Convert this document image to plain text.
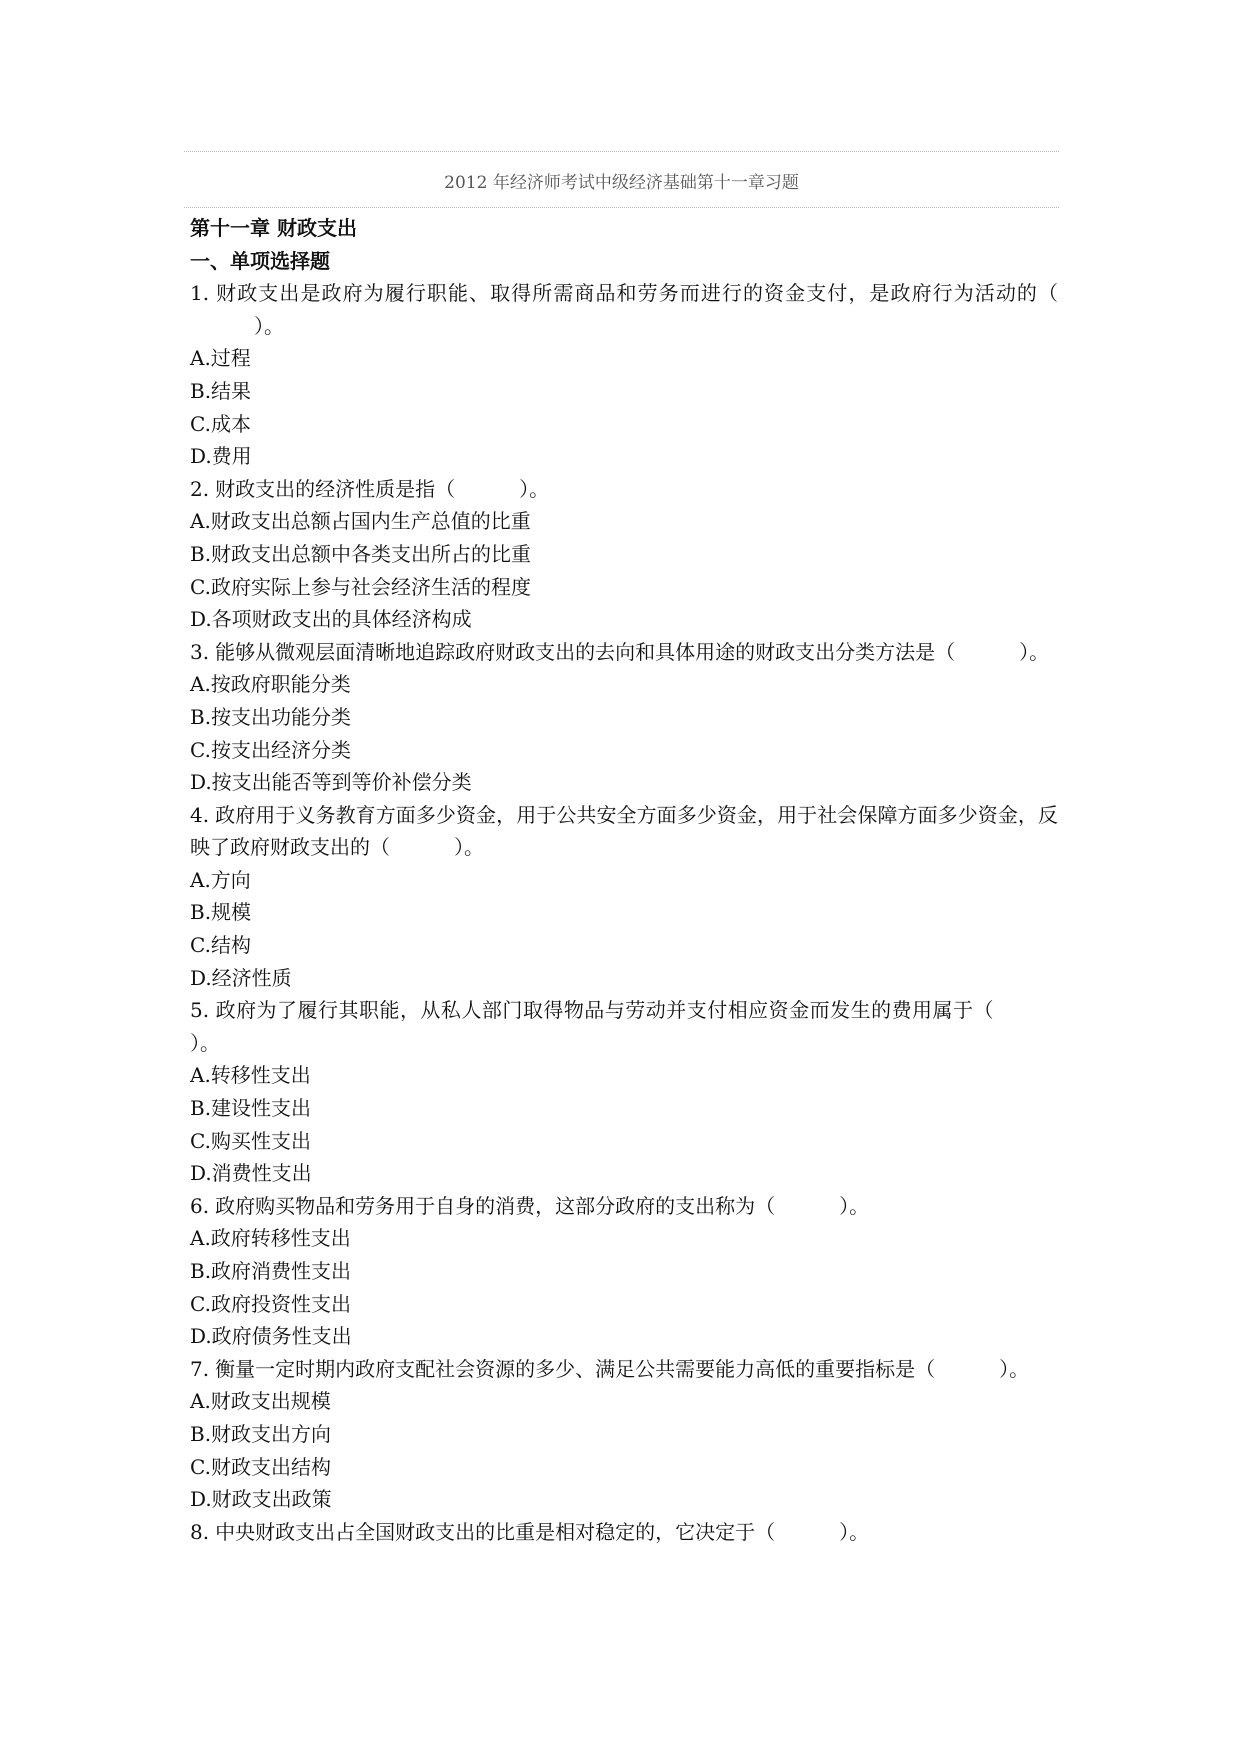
2012 年经济师考试中级经济基础第十一章习题
第十一章 财政支出
一、单项选择题
1. 财政支出是政府为履行职能、取得所需商品和劳务而进行的资金支付，是政府行为活动的（）。
A.过程
B.结果
C.成本
D.费用
2. 财政支出的经济性质是指（	）。
A.财政支出总额占国内生产总值的比重
B.财政支出总额中各类支出所占的比重
C.政府实际上参与社会经济生活的程度
D.各项财政支出的具体经济构成
3. 能够从微观层面清晰地追踪政府财政支出的去向和具体用途的财政支出分类方法是（	）。
A.按政府职能分类
B.按支出功能分类
C.按支出经济分类
D.按支出能否等到等价补偿分类
4. 政府用于义务教育方面多少资金，用于公共安全方面多少资金，用于社会保障方面多少资金，反映了政府财政支出的（	）。
A.方向
B.规模
C.结构
D.经济性质
5. 政府为了履行其职能，从私人部门取得物品与劳动并支付相应资金而发生的费用属于（）。
A.转移性支出
B.建设性支出
C.购买性支出
D.消费性支出
6. 政府购买物品和劳务用于自身的消费，这部分政府的支出称为（	）。
A.政府转移性支出
B.政府消费性支出
C.政府投资性支出
D.政府债务性支出
7. 衡量一定时期内政府支配社会资源的多少、满足公共需要能力高低的重要指标是（	）。
A.财政支出规模
B.财政支出方向
C.财政支出结构
D.财政支出政策
8. 中央财政支出占全国财政支出的比重是相对稳定的，它决定于（	）。
